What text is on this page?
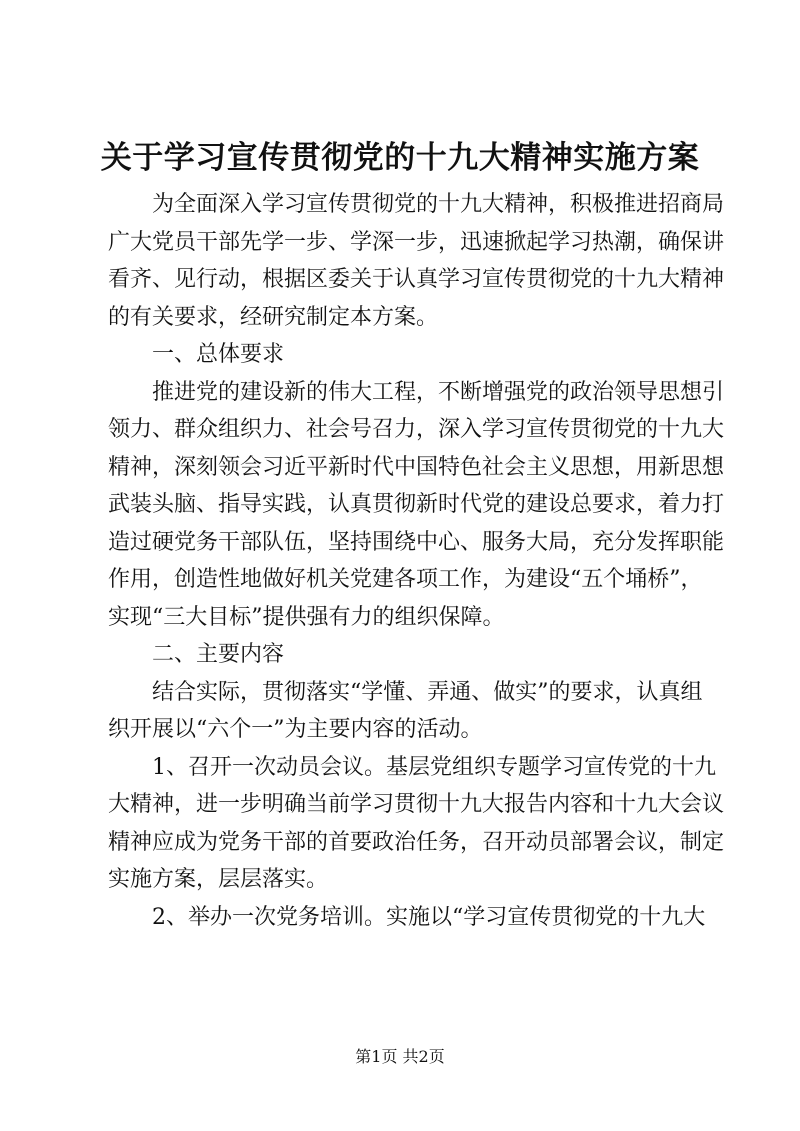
关于学习宣传贯彻党的十九大精神实施方案
为全面深入学习宣传贯彻党的十九大精神，积极推进招商局
广大党员干部先学一步、学深一步，迅速掀起学习热潮，确保讲
看齐、见行动，根据区委关于认真学习宣传贯彻党的十九大精神
的有关要求，经研究制定本方案。
一、总体要求
推进党的建设新的伟大工程，不断增强党的政治领导思想引
领力、群众组织力、社会号召力，深入学习宣传贯彻党的十九大
精神，深刻领会习近平新时代中国特色社会主义思想，用新思想
武装头脑、指导实践，认真贯彻新时代党的建设总要求，着力打
造过硬党务干部队伍，坚持围绕中心、服务大局，充分发挥职能
作用，创造性地做好机关党建各项工作，为建设“五个埇桥”，
实现“三大目标”提供强有力的组织保障。
二、主要内容
结合实际，贯彻落实“学懂、弄通、做实”的要求，认真组
织开展以“六个一”为主要内容的活动。
1、召开一次动员会议。基层党组织专题学习宣传党的十九
大精神，进一步明确当前学习贯彻十九大报告内容和十九大会议
精神应成为党务干部的首要政治任务，召开动员部署会议，制定
实施方案，层层落实。
2、举办一次党务培训。实施以“学习宣传贯彻党的十九大
第1页 共2页
